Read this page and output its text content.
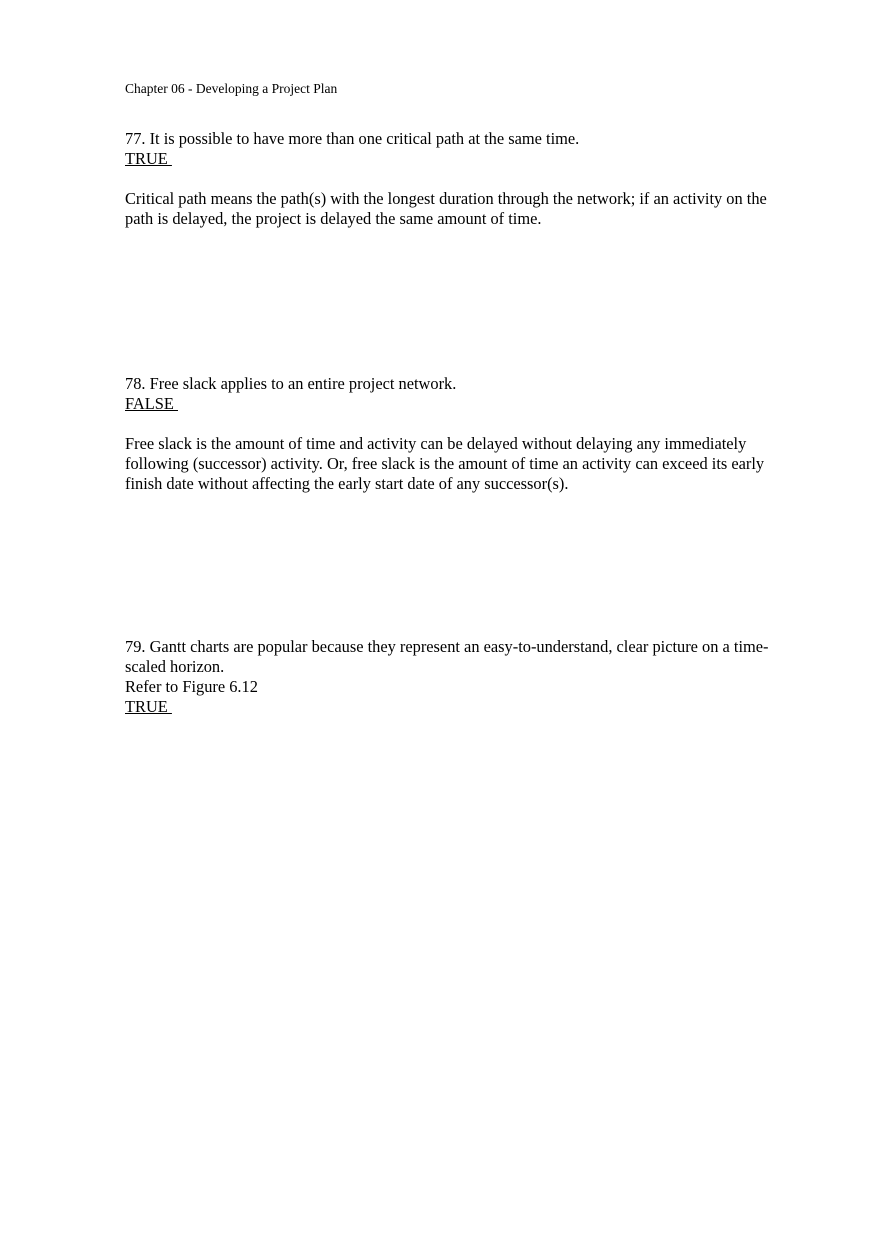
Chapter 06 - Developing a Project Plan

77. It is possible to have more than one critical path at the same time.

TRUE

Critical path means the path(s) with the longest duration through the network; if an activity on the path is delayed, the project is delayed the same amount of time.

78. Free slack applies to an entire project network.

FALSE

Free slack is the amount of time and activity can be delayed without delaying any immediately following (successor) activity. Or, free slack is the amount of time an activity can exceed its early finish date without affecting the early start date of any successor(s).

79. Gantt charts are popular because they represent an easy-to-understand, clear picture on a time-scaled horizon.

Refer to Figure 6.12

TRUE
